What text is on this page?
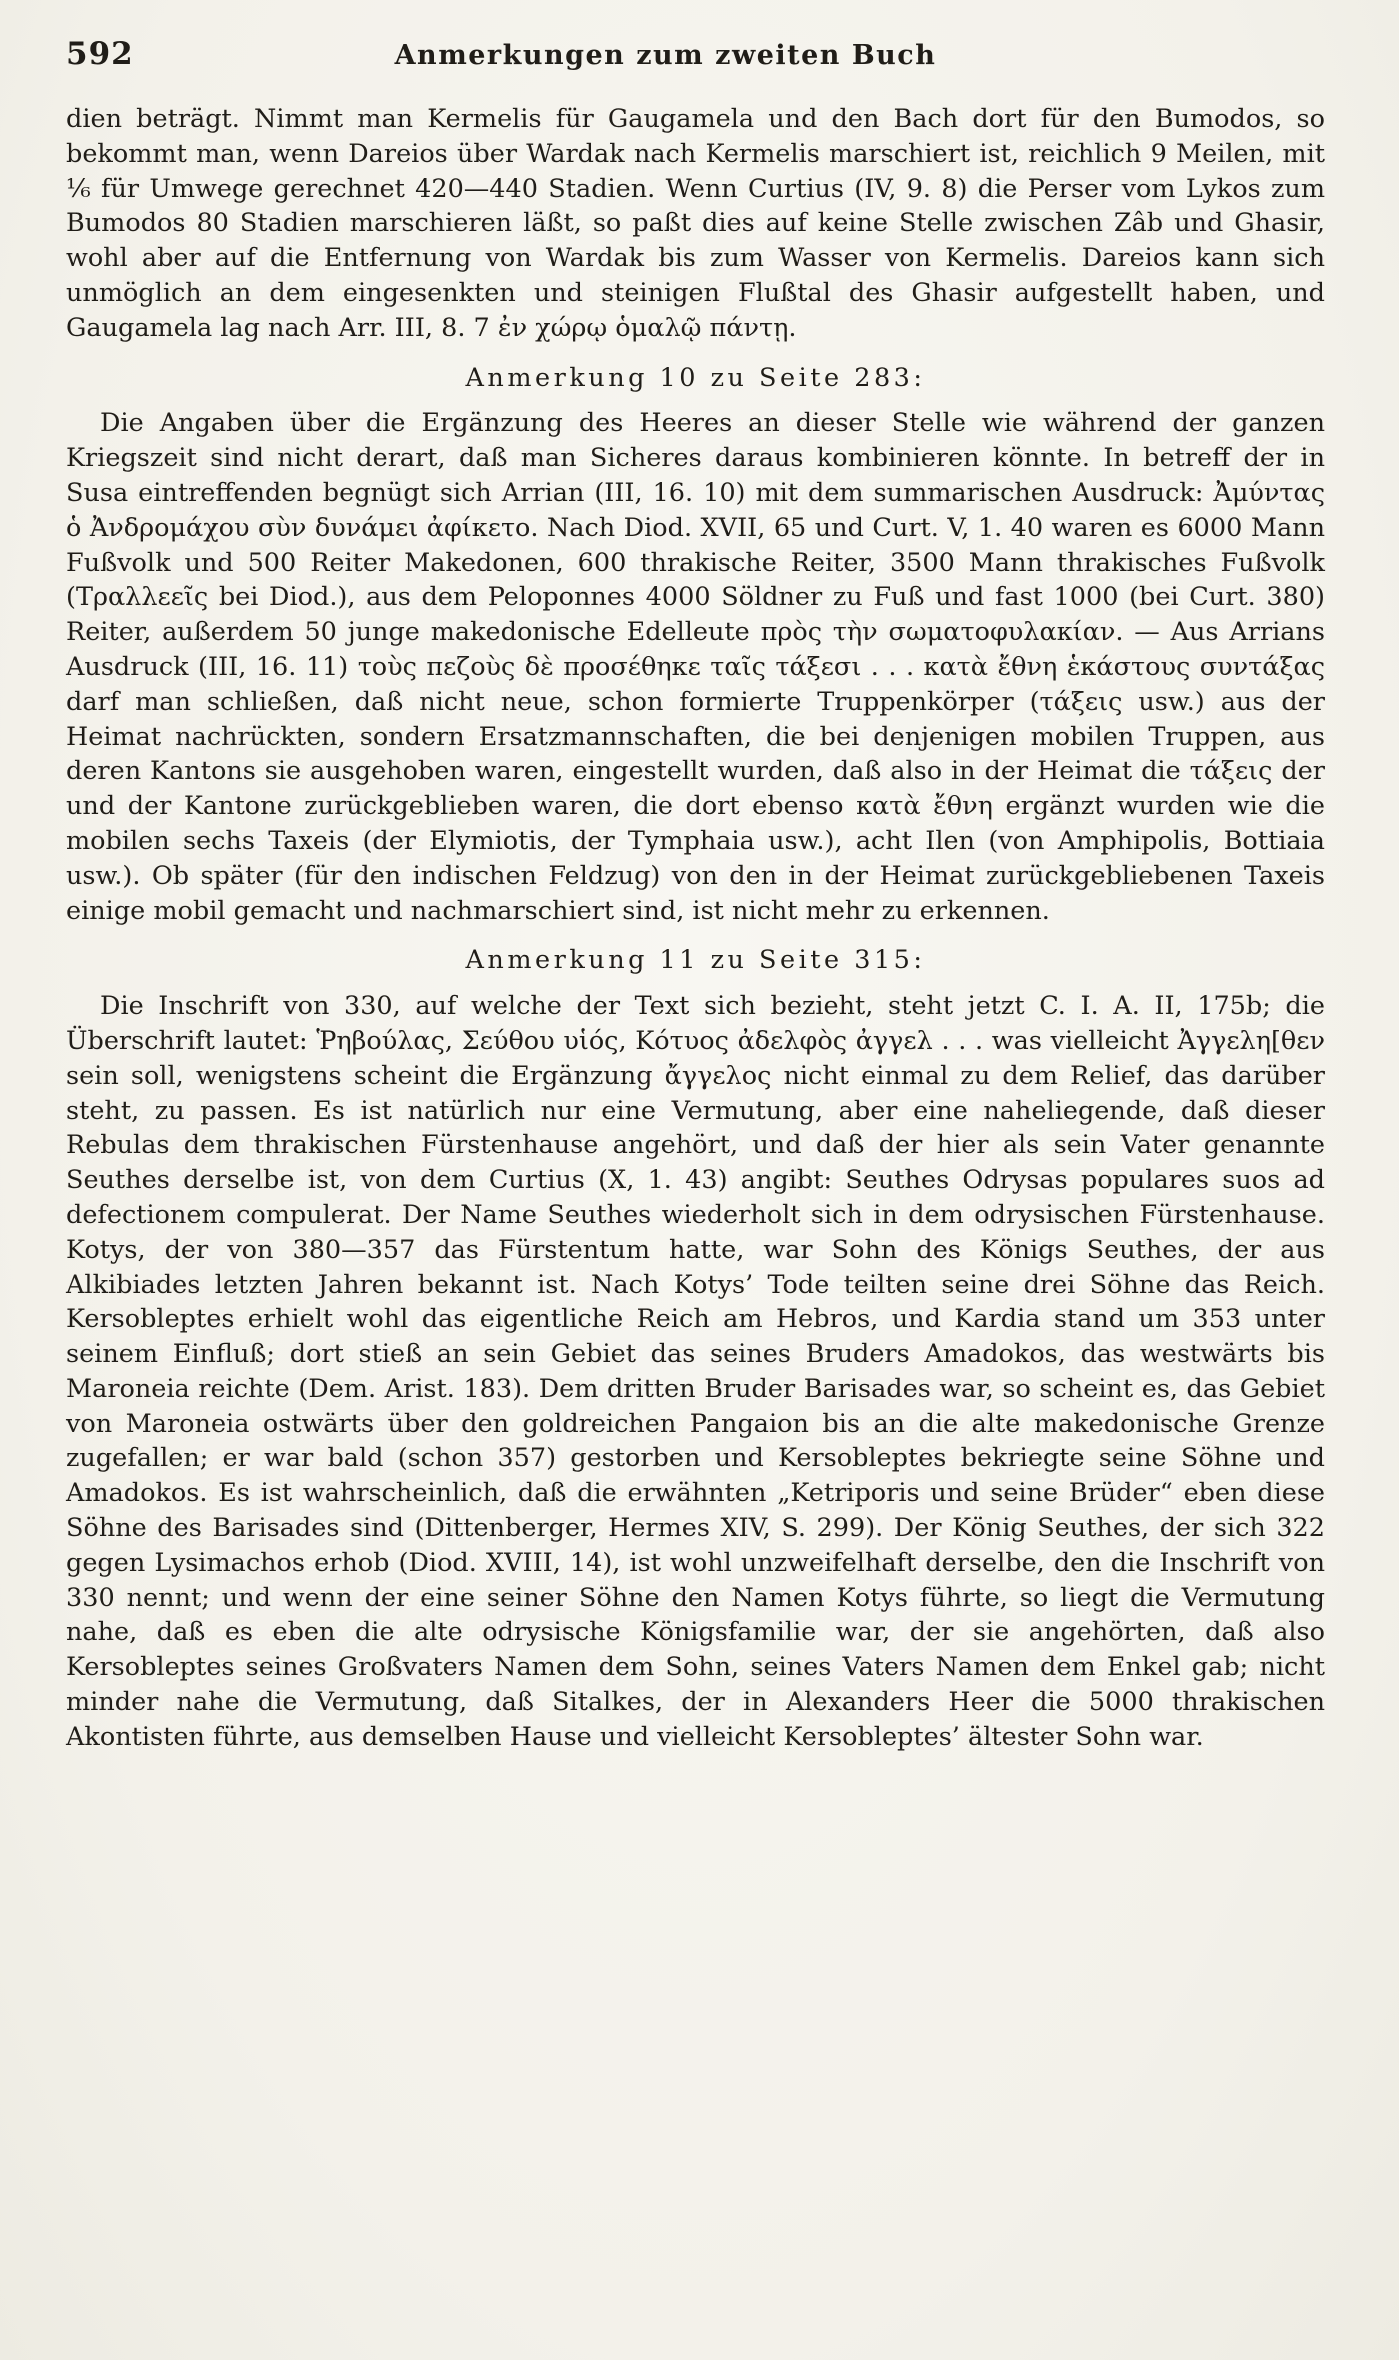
592	Anmerkungen zum zweiten Buch

dien beträgt. Nimmt man Kermelis für Gaugamela und den Bach dort für den Bumodos, so bekommt man, wenn Dareios über Wardak nach Kermelis marschiert ist, reichlich 9 Meilen, mit ¹⁄₆ für Umwege gerechnet 420—440 Stadien. Wenn Curtius (IV, 9. 8) die Perser vom Lykos zum Bumodos 80 Stadien marschieren läßt, so paßt dies auf keine Stelle zwischen Zâb und Ghasir, wohl aber auf die Entfernung von Wardak bis zum Wasser von Kermelis. Dareios kann sich unmöglich an dem eingesenkten und steinigen Flußtal des Ghasir aufgestellt haben, und Gaugamela lag nach Arr. III, 8. 7 ἐν χώρῳ ὁμαλῷ πάντῃ.

Anmerkung 10 zu Seite 283:

Die Angaben über die Ergänzung des Heeres an dieser Stelle wie während der ganzen Kriegszeit sind nicht derart, daß man Sicheres daraus kombinieren könnte. In betreff der in Susa eintreffenden begnügt sich Arrian (III, 16. 10) mit dem summarischen Ausdruck: Ἀμύντας ὁ Ἀνδρομάχου σὺν δυνάμει ἀφίκετο. Nach Diod. XVII, 65 und Curt. V, 1. 40 waren es 6000 Mann Fußvolk und 500 Reiter Makedonen, 600 thrakische Reiter, 3500 Mann thrakisches Fußvolk (Τραλλεεῖς bei Diod.), aus dem Peloponnes 4000 Söldner zu Fuß und fast 1000 (bei Curt. 380) Reiter, außerdem 50 junge makedonische Edelleute πρὸς τὴν σωματοφυλακίαν. — Aus Arrians Ausdruck (III, 16. 11) τοὺς πεζοὺς δὲ προσέθηκε ταῖς τάξεσι . . . κατὰ ἔθνη ἑκάστους συντάξας darf man schließen, daß nicht neue, schon formierte Truppenkörper (τάξεις usw.) aus der Heimat nachrückten, sondern Ersatzmannschaften, die bei denjenigen mobilen Truppen, aus deren Kantons sie ausgehoben waren, eingestellt wurden, daß also in der Heimat die τάξεις der und der Kantone zurückgeblieben waren, die dort ebenso κατὰ ἔθνη ergänzt wurden wie die mobilen sechs Taxeis (der Elymiotis, der Tymphaia usw.), acht Ilen (von Amphipolis, Bottiaia usw.). Ob später (für den indischen Feldzug) von den in der Heimat zurückgebliebenen Taxeis einige mobil gemacht und nachmarschiert sind, ist nicht mehr zu erkennen.

Anmerkung 11 zu Seite 315:

Die Inschrift von 330, auf welche der Text sich bezieht, steht jetzt C. I. A. II, 175b; die Überschrift lautet: Ῥηβούλας, Σεύθου υἱός, Κότυος ἀδελφὸς ἀγγελ . . . was vielleicht Ἀγγελη[θεν sein soll, wenigstens scheint die Ergänzung ἄγγελος nicht einmal zu dem Relief, das darüber steht, zu passen. Es ist natürlich nur eine Vermutung, aber eine naheliegende, daß dieser Rebulas dem thrakischen Fürstenhause angehört, und daß der hier als sein Vater genannte Seuthes derselbe ist, von dem Curtius (X, 1. 43) angibt: Seuthes Odrysas populares suos ad defectionem compulerat. Der Name Seuthes wiederholt sich in dem odrysischen Fürstenhause. Kotys, der von 380—357 das Fürstentum hatte, war Sohn des Königs Seuthes, der aus Alkibiades letzten Jahren bekannt ist. Nach Kotys’ Tode teilten seine drei Söhne das Reich. Kersobleptes erhielt wohl das eigentliche Reich am Hebros, und Kardia stand um 353 unter seinem Einfluß; dort stieß an sein Gebiet das seines Bruders Amadokos, das westwärts bis Maroneia reichte (Dem. Arist. 183). Dem dritten Bruder Barisades war, so scheint es, das Gebiet von Maroneia ostwärts über den goldreichen Pangaion bis an die alte makedonische Grenze zugefallen; er war bald (schon 357) gestorben und Kersobleptes bekriegte seine Söhne und Amadokos. Es ist wahrscheinlich, daß die erwähnten „Ketriporis und seine Brüder“ eben diese Söhne des Barisades sind (Dittenberger, Hermes XIV, S. 299). Der König Seuthes, der sich 322 gegen Lysimachos erhob (Diod. XVIII, 14), ist wohl unzweifelhaft derselbe, den die Inschrift von 330 nennt; und wenn der eine seiner Söhne den Namen Kotys führte, so liegt die Vermutung nahe, daß es eben die alte odrysische Königsfamilie war, der sie angehörten, daß also Kersobleptes seines Großvaters Namen dem Sohn, seines Vaters Namen dem Enkel gab; nicht minder nahe die Vermutung, daß Sitalkes, der in Alexanders Heer die 5000 thrakischen Akontisten führte, aus demselben Hause und vielleicht Kersobleptes’ ältester Sohn war.
